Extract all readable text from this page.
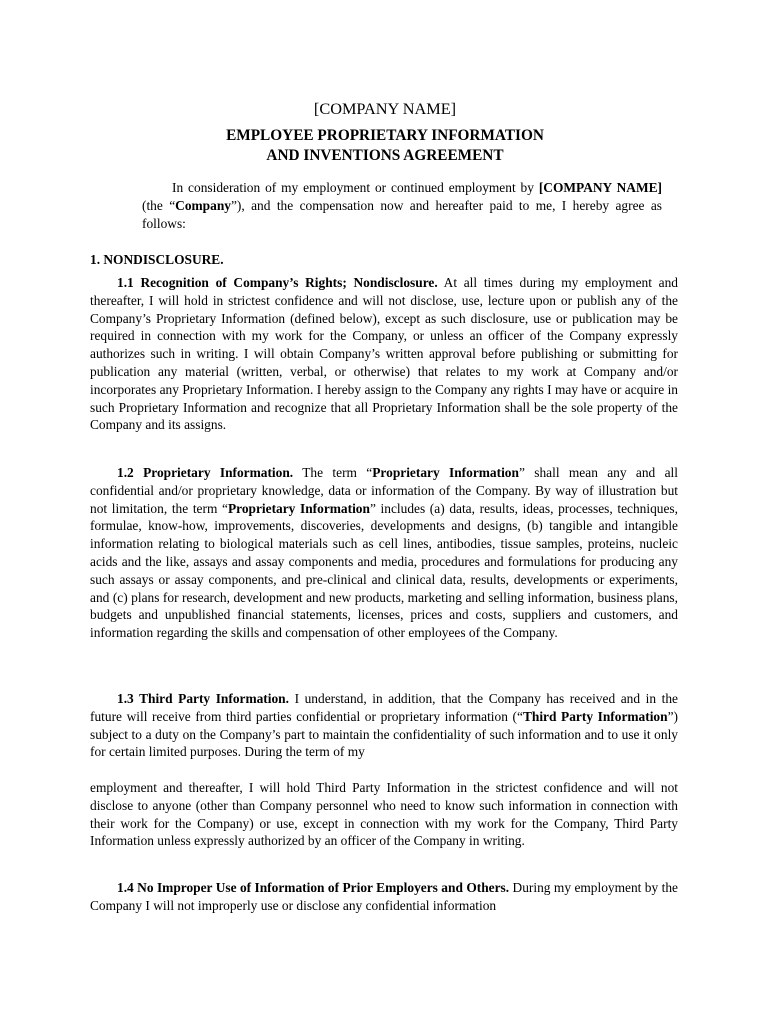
[COMPANY NAME]
EMPLOYEE PROPRIETARY INFORMATION
AND INVENTIONS AGREEMENT
In consideration of my employment or continued employment by [COMPANY NAME] (the “Company”), and the compensation now and hereafter paid to me, I hereby agree as follows:
1. NONDISCLOSURE.
1.1 Recognition of Company’s Rights; Nondisclosure. At all times during my employment and thereafter, I will hold in strictest confidence and will not disclose, use, lecture upon or publish any of the Company’s Proprietary Information (defined below), except as such disclosure, use or publication may be required in connection with my work for the Company, or unless an officer of the Company expressly authorizes such in writing. I will obtain Company’s written approval before publishing or submitting for publication any material (written, verbal, or otherwise) that relates to my work at Company and/or incorporates any Proprietary Information. I hereby assign to the Company any rights I may have or acquire in such Proprietary Information and recognize that all Proprietary Information shall be the sole property of the Company and its assigns.
1.2 Proprietary Information. The term “Proprietary Information” shall mean any and all confidential and/or proprietary knowledge, data or information of the Company. By way of illustration but not limitation, the term “Proprietary Information” includes (a) data, results, ideas, processes, techniques, formulae, know-how, improvements, discoveries, developments and designs, (b) tangible and intangible information relating to biological materials such as cell lines, antibodies, tissue samples, proteins, nucleic acids and the like, assays and assay components and media, procedures and formulations for producing any such assays or assay components, and pre-clinical and clinical data, results, developments or experiments, and (c) plans for research, development and new products, marketing and selling information, business plans, budgets and unpublished financial statements, licenses, prices and costs, suppliers and customers, and information regarding the skills and compensation of other employees of the Company.
1.3 Third Party Information. I understand, in addition, that the Company has received and in the future will receive from third parties confidential or proprietary information (“Third Party Information”) subject to a duty on the Company’s part to maintain the confidentiality of such information and to use it only for certain limited purposes. During the term of my
employment and thereafter, I will hold Third Party Information in the strictest confidence and will not disclose to anyone (other than Company personnel who need to know such information in connection with their work for the Company) or use, except in connection with my work for the Company, Third Party Information unless expressly authorized by an officer of the Company in writing.
1.4 No Improper Use of Information of Prior Employers and Others. During my employment by the Company I will not improperly use or disclose any confidential information
